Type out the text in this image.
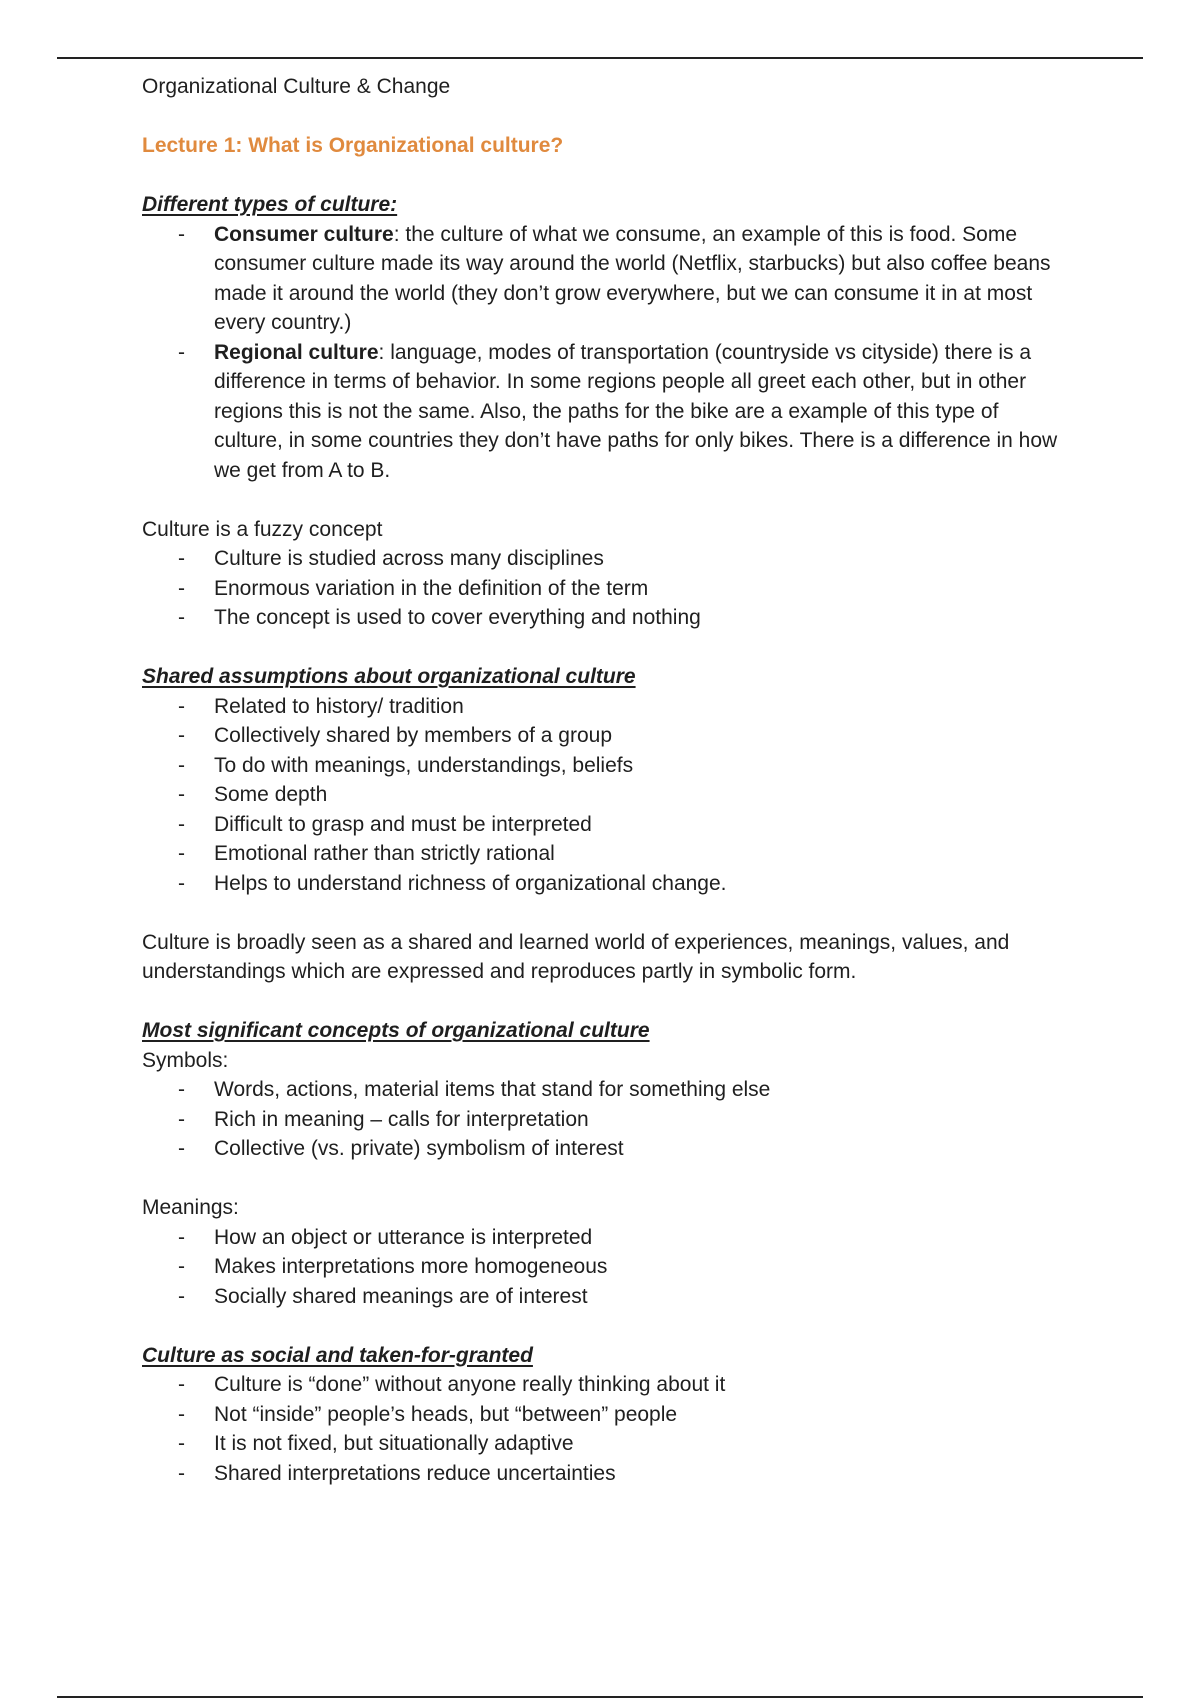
Organizational Culture & Change

Lecture 1: What is Organizational culture?

Different types of culture:

- Consumer culture: the culture of what we consume, an example of this is food. Some consumer culture made its way around the world (Netflix, starbucks) but also coffee beans made it around the world (they don’t grow everywhere, but we can consume it in at most every country.)
- Regional culture: language, modes of transportation (countryside vs cityside) there is a difference in terms of behavior. In some regions people all greet each other, but in other regions this is not the same. Also, the paths for the bike are a example of this type of culture, in some countries they don’t have paths for only bikes. There is a difference in how we get from A to B.

Culture is a fuzzy concept

- Culture is studied across many disciplines
- Enormous variation in the definition of the term
- The concept is used to cover everything and nothing

Shared assumptions about organizational culture

- Related to history/ tradition
- Collectively shared by members of a group
- To do with meanings, understandings, beliefs
- Some depth
- Difficult to grasp and must be interpreted
- Emotional rather than strictly rational
- Helps to understand richness of organizational change.

Culture is broadly seen as a shared and learned world of experiences, meanings, values, and understandings which are expressed and reproduces partly in symbolic form.

Most significant concepts of organizational culture

Symbols:

- Words, actions, material items that stand for something else
- Rich in meaning – calls for interpretation
- Collective (vs. private) symbolism of interest

Meanings:

- How an object or utterance is interpreted
- Makes interpretations more homogeneous
- Socially shared meanings are of interest

Culture as social and taken-for-granted

- Culture is “done” without anyone really thinking about it
- Not “inside” people’s heads, but “between” people
- It is not fixed, but situationally adaptive
- Shared interpretations reduce uncertainties
